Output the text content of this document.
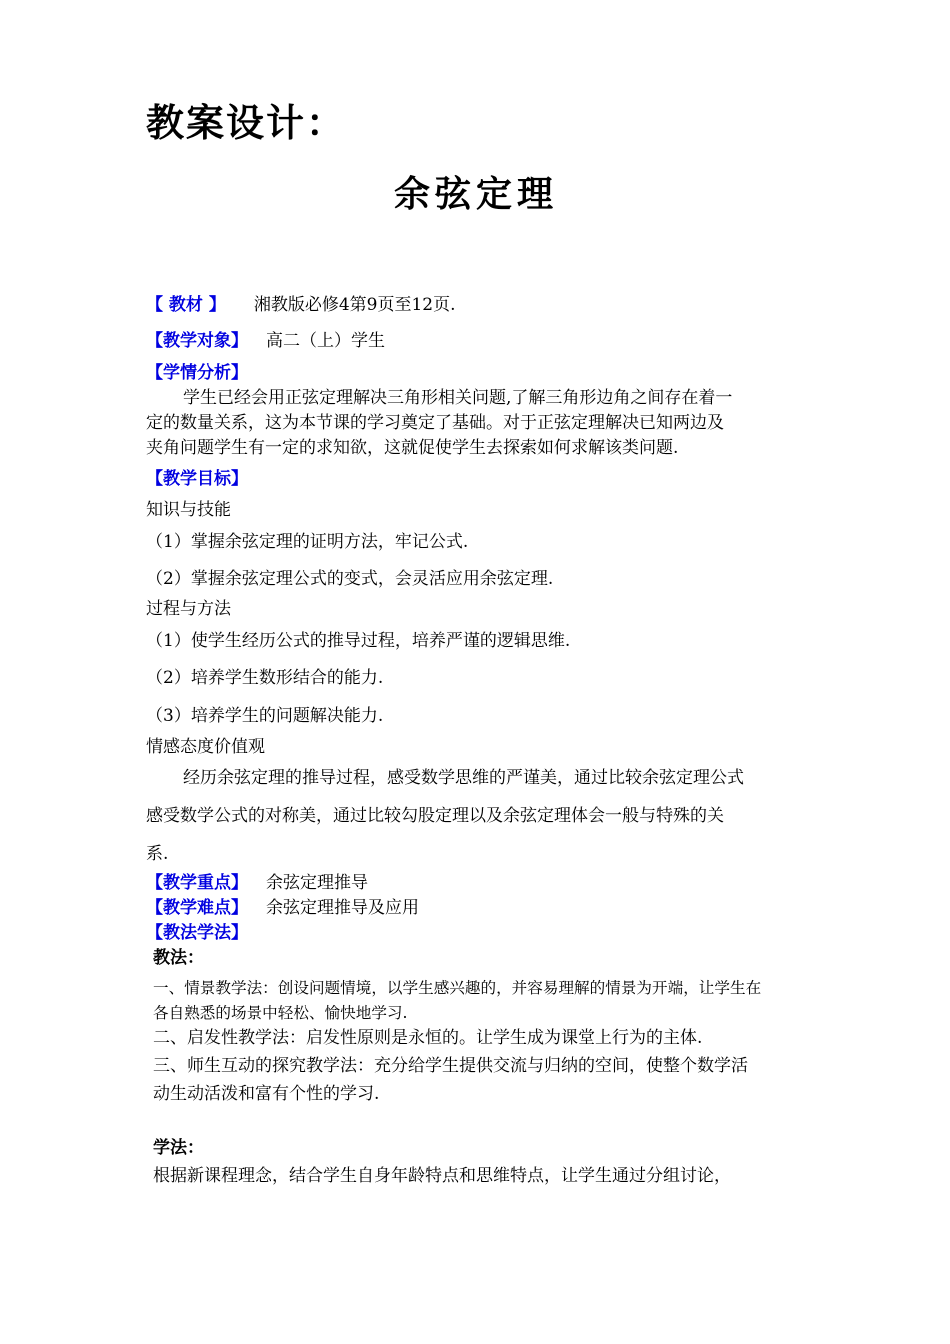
教案设计：
余弦定理
【 教材 】 湘教版必修4第9页至12页.
【教学对象】 高二（上）学生
【学情分析】
学生已经会用正弦定理解决三角形相关问题,了解三角形边角之间存在着一
定的数量关系，这为本节课的学习奠定了基础。对于正弦定理解决已知两边及
夹角问题学生有一定的求知欲，这就促使学生去探索如何求解该类问题.
【教学目标】
知识与技能
（1）掌握余弦定理的证明方法，牢记公式.
（2）掌握余弦定理公式的变式，会灵活应用余弦定理.
过程与方法
（1）使学生经历公式的推导过程，培养严谨的逻辑思维.
（2）培养学生数形结合的能力.
（3）培养学生的问题解决能力.
情感态度价值观
经历余弦定理的推导过程，感受数学思维的严谨美，通过比较余弦定理公式
感受数学公式的对称美，通过比较勾股定理以及余弦定理体会一般与特殊的关
系.
【教学重点】 余弦定理推导
【教学难点】 余弦定理推导及应用
【教法学法】
教法：
一、情景教学法：创设问题情境，以学生感兴趣的，并容易理解的情景为开端，让学生在
各自熟悉的场景中轻松、愉快地学习.
二、启发性教学法：启发性原则是永恒的。让学生成为课堂上行为的主体.
三、师生互动的探究教学法：充分给学生提供交流与归纳的空间，使整个数学活
动生动活泼和富有个性的学习.
学法：
根据新课程理念，结合学生自身年龄特点和思维特点，让学生通过分组讨论，
